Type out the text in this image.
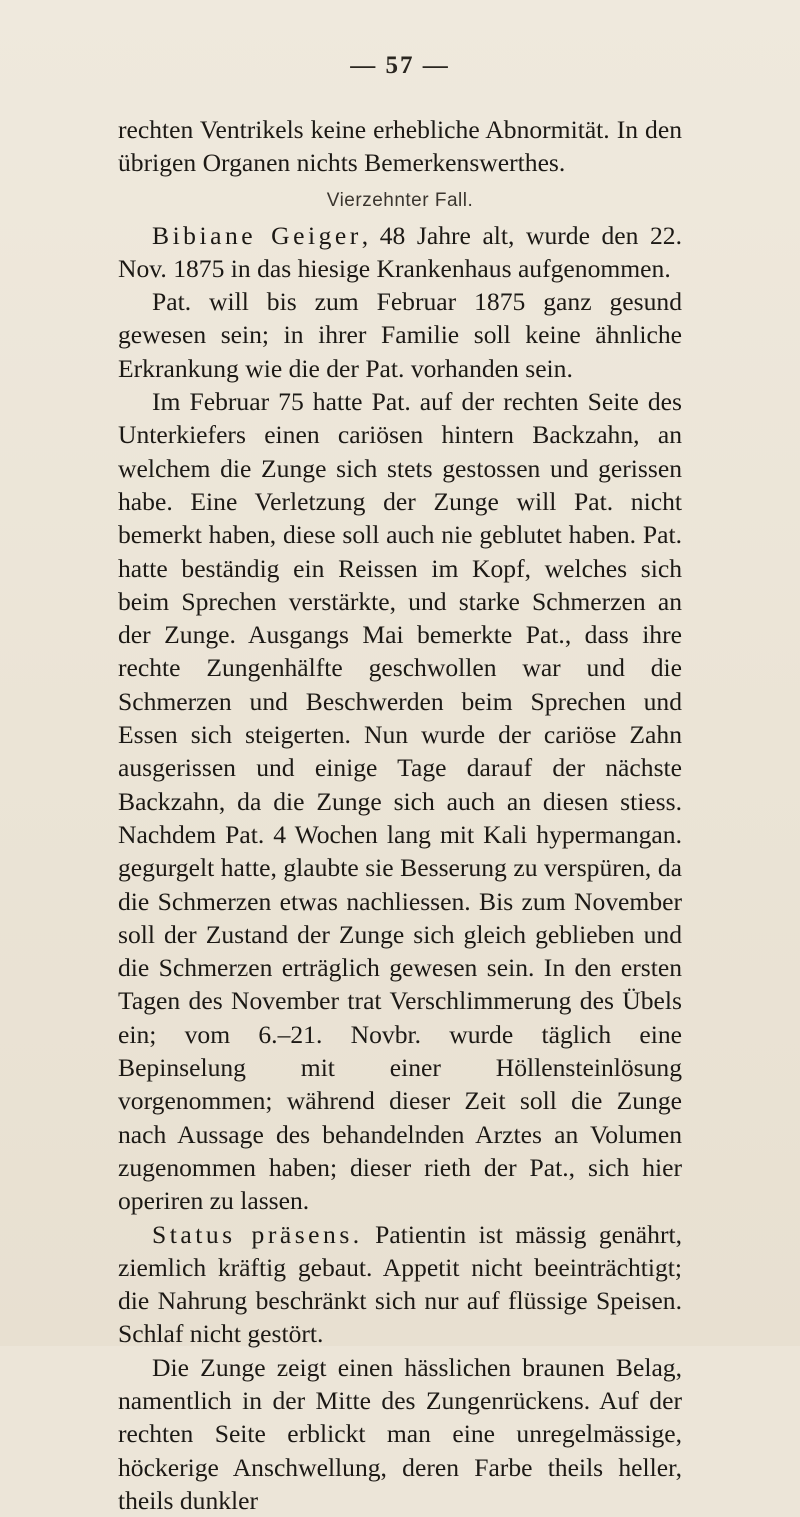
— 57 —

rechten Ventrikels keine erhebliche Abnormität. In den übrigen Organen nichts Bemerkenswerthes.

Vierzehnter Fall.

Bibiane Geiger, 48 Jahre alt, wurde den 22. Nov. 1875 in das hiesige Krankenhaus aufgenommen.

Pat. will bis zum Februar 1875 ganz gesund gewesen sein; in ihrer Familie soll keine ähnliche Erkrankung wie die der Pat. vorhanden sein.

Im Februar 75 hatte Pat. auf der rechten Seite des Unterkiefers einen cariösen hintern Backzahn, an welchem die Zunge sich stets gestossen und gerissen habe. Eine Verletzung der Zunge will Pat. nicht bemerkt haben, diese soll auch nie geblutet haben. Pat. hatte beständig ein Reissen im Kopf, welches sich beim Sprechen verstärkte, und starke Schmerzen an der Zunge. Ausgangs Mai bemerkte Pat., dass ihre rechte Zungenhälfte geschwollen war und die Schmerzen und Beschwerden beim Sprechen und Essen sich steigerten. Nun wurde der cariöse Zahn ausgerissen und einige Tage darauf der nächste Backzahn, da die Zunge sich auch an diesen stiess. Nachdem Pat. 4 Wochen lang mit Kali hypermangan. gegurgelt hatte, glaubte sie Besserung zu verspüren, da die Schmerzen etwas nachliessen. Bis zum November soll der Zustand der Zunge sich gleich geblieben und die Schmerzen erträglich gewesen sein. In den ersten Tagen des November trat Verschlimmerung des Übels ein; vom 6.–21. Novbr. wurde täglich eine Bepinselung mit einer Höllensteinlösung vorgenommen; während dieser Zeit soll die Zunge nach Aussage des behandelnden Arztes an Volumen zugenommen haben; dieser rieth der Pat., sich hier operiren zu lassen.

Status präsens. Patientin ist mässig genährt, ziemlich kräftig gebaut. Appetit nicht beeinträchtigt; die Nahrung beschränkt sich nur auf flüssige Speisen. Schlaf nicht gestört.

Die Zunge zeigt einen hässlichen braunen Belag, namentlich in der Mitte des Zungenrückens. Auf der rechten Seite erblickt man eine unregelmässige, höckerige Anschwellung, deren Farbe theils heller, theils dunkler
